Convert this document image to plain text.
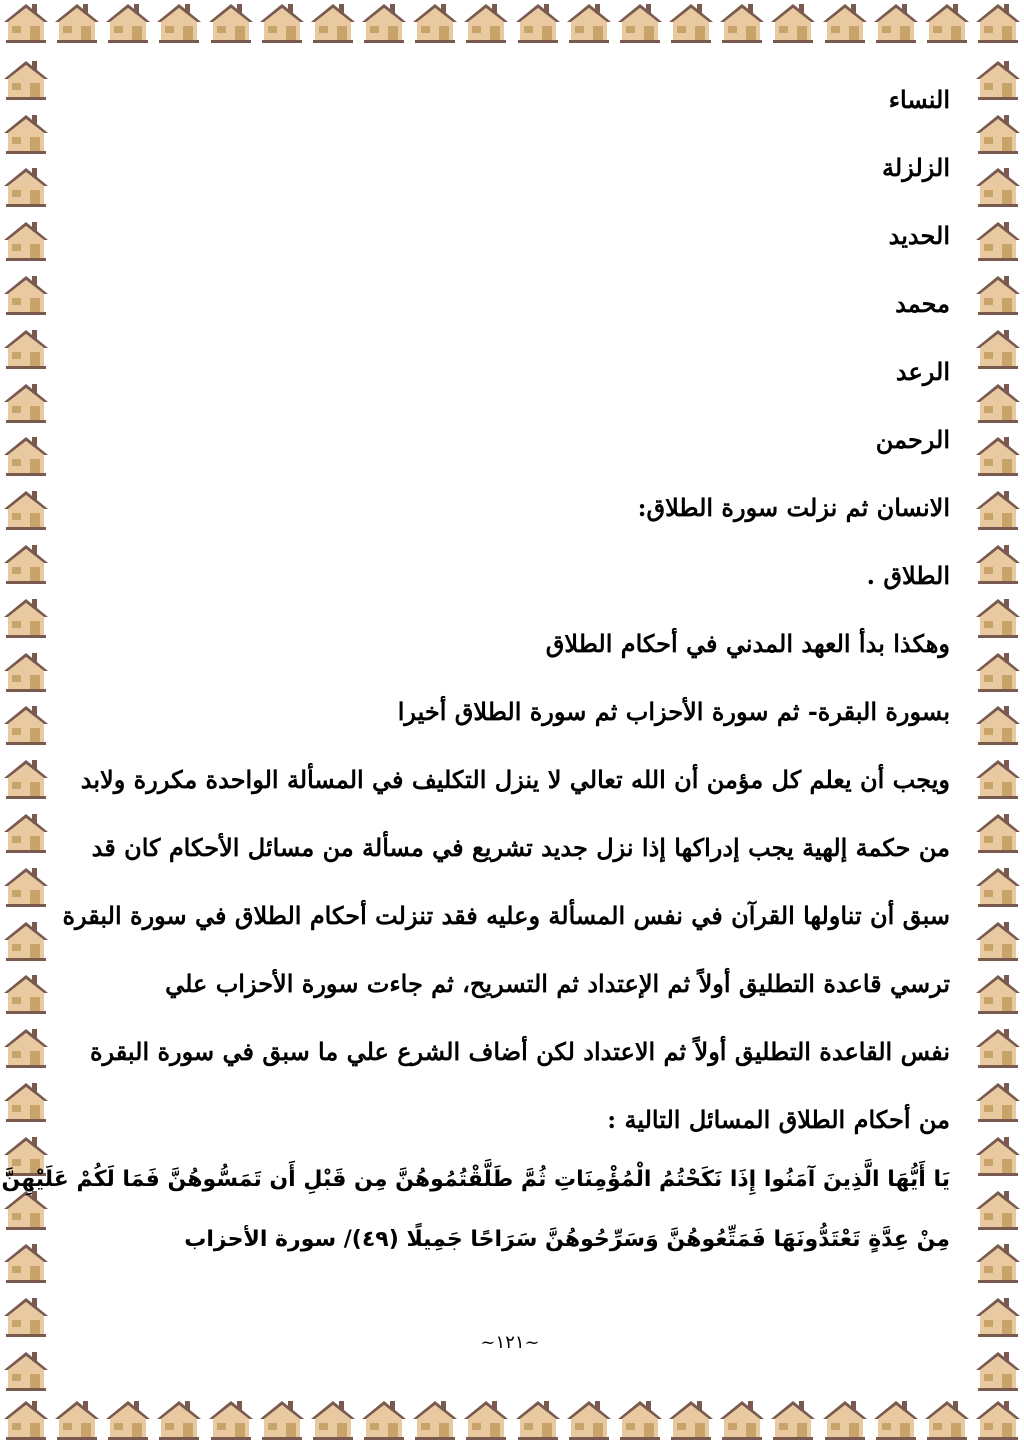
النساء
الزلزلة
الحديد
محمد
الرعد
الرحمن
الانسان ثم نزلت سورة الطلاق:
الطلاق .
وهكذا بدأ العهد المدني في أحكام الطلاق
بسورة البقرة- ثم سورة الأحزاب ثم سورة الطلاق أخيرا
ويجب أن يعلم كل مؤمن أن الله تعالي لا ينزل التكليف في المسألة الواحدة مكررة ولابد
من حكمة إلهية يجب إدراكها إذا نزل جديد تشريع في مسألة من مسائل الأحكام كان قد
سبق أن تناولها القرآن في نفس المسألة وعليه فقد تنزلت أحكام الطلاق في سورة البقرة
ترسي قاعدة التطليق أولاً ثم الإعتداد ثم التسريح، ثم جاءت سورة الأحزاب علي
نفس القاعدة التطليق أولاً ثم الاعتداد لكن أضاف الشرع علي ما سبق في سورة البقرة
من أحكام الطلاق المسائل التالية :
يَا أَيُّهَا الَّذِينَ آمَنُوا إِذَا نَكَحْتُمُ الْمُؤْمِنَاتِ ثُمَّ طَلَّقْتُمُوهُنَّ مِن قَبْلِ أَن تَمَسُّوهُنَّ فَمَا لَكُمْ عَلَيْهِنَّ
مِنْ عِدَّةٍ تَعْتَدُّونَهَا فَمَتِّعُوهُنَّ وَسَرِّحُوهُنَّ سَرَاحًا جَمِيلًا (٤٩)/ سورة الأحزاب
~١٢١~
